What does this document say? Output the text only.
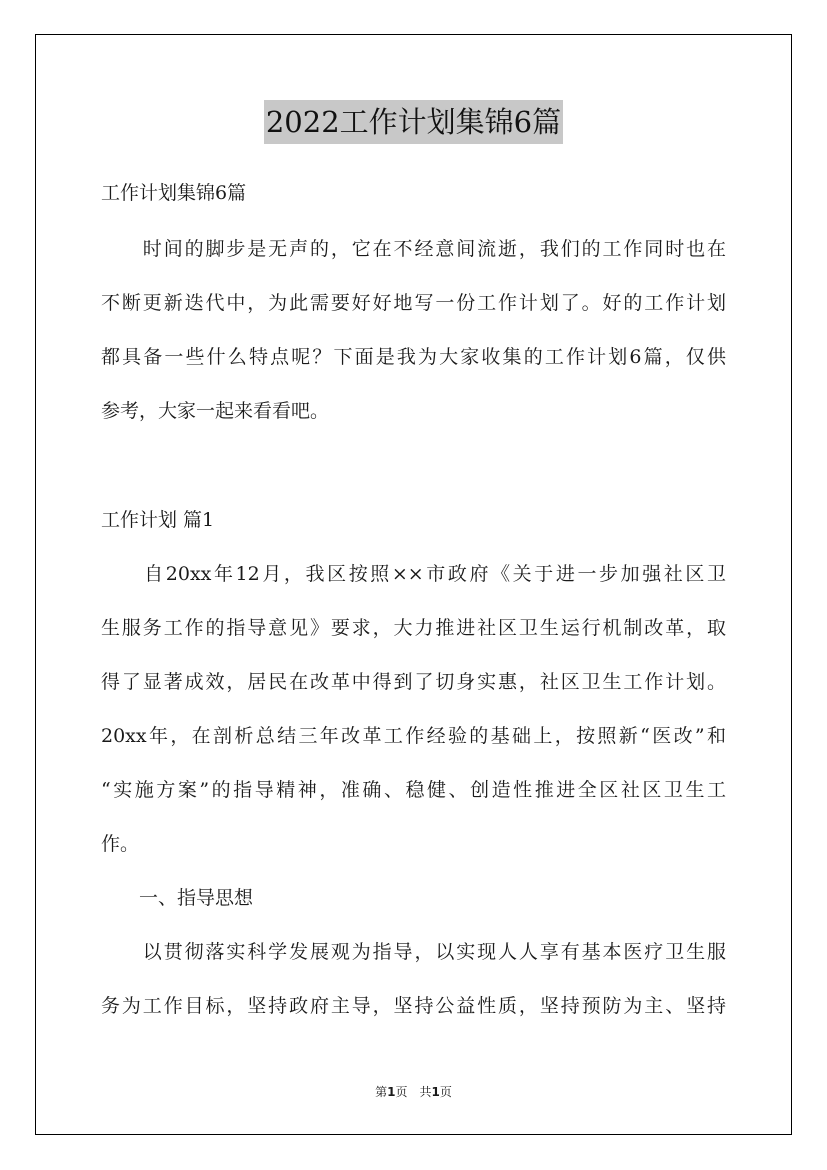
2022工作计划集锦6篇
工作计划集锦6篇
　　时间的脚步是无声的，它在不经意间流逝，我们的工作同时也在
不断更新迭代中，为此需要好好地写一份工作计划了。好的工作计划
都具备一些什么特点呢？下面是我为大家收集的工作计划6篇，仅供
参考，大家一起来看看吧。
工作计划 篇1
　　自20xx年12月，我区按照××市政府《关于进一步加强社区卫
生服务工作的指导意见》要求，大力推进社区卫生运行机制改革，取
得了显著成效，居民在改革中得到了切身实惠，社区卫生工作计划。
20xx年，在剖析总结三年改革工作经验的基础上，按照新“医改”和
“实施方案”的指导精神，准确、稳健、创造性推进全区社区卫生工
作。
　　一、指导思想
　　以贯彻落实科学发展观为指导，以实现人人享有基本医疗卫生服
务为工作目标，坚持政府主导，坚持公益性质，坚持预防为主、坚持
第1页　共1页
